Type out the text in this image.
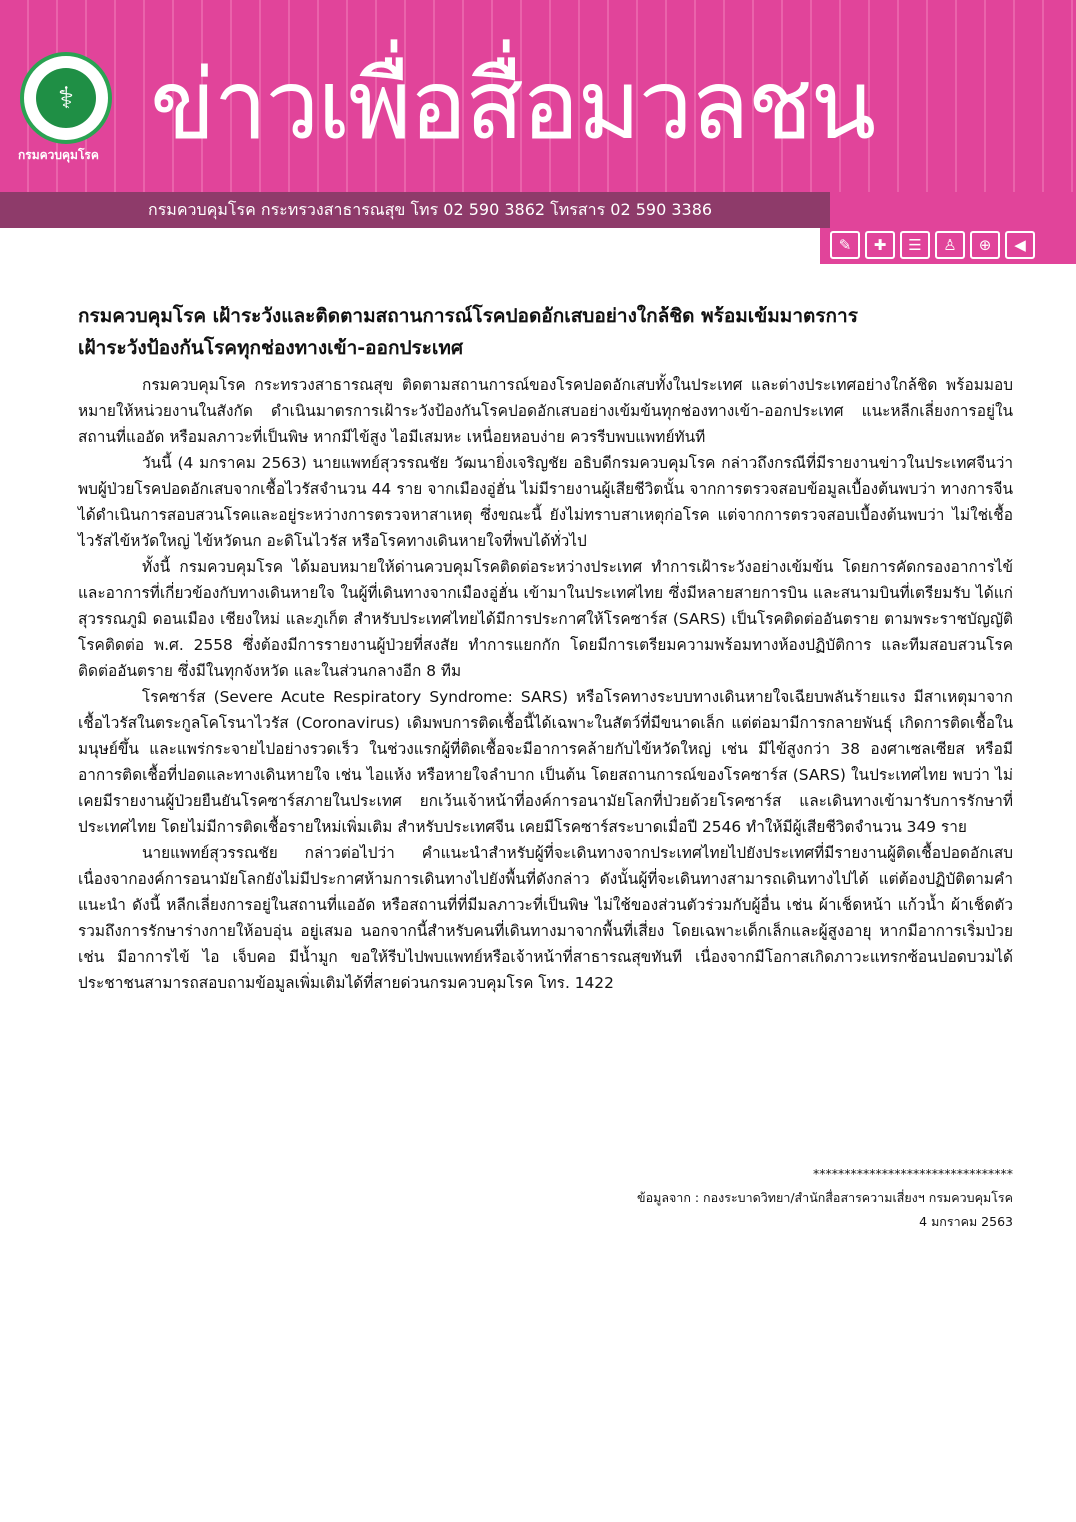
⚕
กรมควบคุมโรค ข่าวเพื่อสื่อมวลชน
กรมควบคุมโรค กระทรวงสาธารณสุข โทร 02 590 3862 โทรสาร 02 590 3386
✎	✚	☰	♙	⊕	◀
กรมควบคุมโรค เฝ้าระวังและติดตามสถานการณ์โรคปอดอักเสบอย่างใกล้ชิด พร้อมเข้มมาตรการ
เฝ้าระวังป้องกันโรคทุกช่องทางเข้า-ออกประเทศ

กรมควบคุมโรค กระทรวงสาธารณสุข ติดตามสถานการณ์ของโรคปอดอักเสบทั้งในประเทศ และต่างประเทศอย่างใกล้ชิด พร้อมมอบหมายให้หน่วยงานในสังกัด ดำเนินมาตรการเฝ้าระวังป้องกันโรคปอดอักเสบอย่างเข้มข้นทุกช่องทางเข้า-ออกประเทศ แนะหลีกเลี่ยงการอยู่ในสถานที่แออัด หรือมลภาวะที่เป็นพิษ หากมีไข้สูง ไอมีเสมหะ เหนื่อยหอบง่าย ควรรีบพบแพทย์ทันที

วันนี้ (4 มกราคม 2563) นายแพทย์สุวรรณชัย วัฒนายิ่งเจริญชัย อธิบดีกรมควบคุมโรค กล่าวถึงกรณีที่มีรายงานข่าวในประเทศจีนว่า พบผู้ป่วยโรคปอดอักเสบจากเชื้อไวรัสจำนวน 44 ราย จากเมืองอู่ฮั่น ไม่มีรายงานผู้เสียชีวิตนั้น จากการตรวจสอบข้อมูลเบื้องต้นพบว่า ทางการจีนได้ดำเนินการสอบสวนโรคและอยู่ระหว่างการตรวจหาสาเหตุ ซึ่งขณะนี้ ยังไม่ทราบสาเหตุก่อโรค แต่จากการตรวจสอบเบื้องต้นพบว่า ไม่ใช่เชื้อไวรัสไข้หวัดใหญ่ ไข้หวัดนก อะดิโนไวรัส หรือโรคทางเดินหายใจที่พบได้ทั่วไป

ทั้งนี้ กรมควบคุมโรค ได้มอบหมายให้ด่านควบคุมโรคติดต่อระหว่างประเทศ ทำการเฝ้าระวังอย่างเข้มข้น โดยการคัดกรองอาการไข้ และอาการที่เกี่ยวข้องกับทางเดินหายใจ ในผู้ที่เดินทางจากเมืองอู่ฮั่น เข้ามาในประเทศไทย ซึ่งมีหลายสายการบิน และสนามบินที่เตรียมรับ ได้แก่ สุวรรณภูมิ ดอนเมือง เชียงใหม่ และภูเก็ต สำหรับประเทศไทยได้มีการประกาศให้โรคซาร์ส (SARS) เป็นโรคติดต่ออันตราย ตามพระราชบัญญัติโรคติดต่อ พ.ศ. 2558 ซึ่งต้องมีการรายงานผู้ป่วยที่สงสัย ทำการแยกกัก โดยมีการเตรียมความพร้อมทางห้องปฏิบัติการ และทีมสอบสวนโรคติดต่ออันตราย ซึ่งมีในทุกจังหวัด และในส่วนกลางอีก 8 ทีม

โรคซาร์ส (Severe Acute Respiratory Syndrome: SARS) หรือโรคทางระบบทางเดินหายใจเฉียบพลันร้ายแรง มีสาเหตุมาจากเชื้อไวรัสในตระกูลโคโรนาไวรัส (Coronavirus) เดิมพบการติดเชื้อนี้ได้เฉพาะในสัตว์ที่มีขนาดเล็ก แต่ต่อมามีการกลายพันธุ์ เกิดการติดเชื้อในมนุษย์ขึ้น และแพร่กระจายไปอย่างรวดเร็ว ในช่วงแรกผู้ที่ติดเชื้อจะมีอาการคล้ายกับไข้หวัดใหญ่ เช่น มีไข้สูงกว่า 38 องศาเซลเซียส หรือมีอาการติดเชื้อที่ปอดและทางเดินหายใจ เช่น ไอแห้ง หรือหายใจลำบาก เป็นต้น โดยสถานการณ์ของโรคซาร์ส (SARS) ในประเทศไทย พบว่า ไม่เคยมีรายงานผู้ป่วยยืนยันโรคซาร์สภายในประเทศ ยกเว้นเจ้าหน้าที่องค์การอนามัยโลกที่ป่วยด้วยโรคซาร์ส และเดินทางเข้ามารับการรักษาที่ประเทศไทย โดยไม่มีการติดเชื้อรายใหม่เพิ่มเติม สำหรับประเทศจีน เคยมีโรคซาร์สระบาดเมื่อปี 2546 ทำให้มีผู้เสียชีวิตจำนวน 349 ราย

นายแพทย์สุวรรณชัย กล่าวต่อไปว่า คำแนะนำสำหรับผู้ที่จะเดินทางจากประเทศไทยไปยังประเทศที่มีรายงานผู้ติดเชื้อปอดอักเสบ เนื่องจากองค์การอนามัยโลกยังไม่มีประกาศห้ามการเดินทางไปยังพื้นที่ดังกล่าว ดังนั้นผู้ที่จะเดินทางสามารถเดินทางไปได้ แต่ต้องปฏิบัติตามคำแนะนำ ดังนี้ หลีกเลี่ยงการอยู่ในสถานที่แออัด หรือสถานที่ที่มีมลภาวะที่เป็นพิษ ไม่ใช้ของส่วนตัวร่วมกับผู้อื่น เช่น ผ้าเช็ดหน้า แก้วน้ำ ผ้าเช็ดตัว รวมถึงการรักษาร่างกายให้อบอุ่น อยู่เสมอ นอกจากนี้สำหรับคนที่เดินทางมาจากพื้นที่เสี่ยง โดยเฉพาะเด็กเล็กและผู้สูงอายุ หากมีอาการเริ่มป่วย เช่น มีอาการไข้ ไอ เจ็บคอ มีน้ำมูก ขอให้รีบไปพบแพทย์หรือเจ้าหน้าที่สาธารณสุขทันที เนื่องจากมีโอกาสเกิดภาวะแทรกซ้อนปอดบวมได้ ประชาชนสามารถสอบถามข้อมูลเพิ่มเติมได้ที่สายด่วนกรมควบคุมโรค โทร. 1422

********************************
ข้อมูลจาก : กองระบาดวิทยา/สำนักสื่อสารความเสี่ยงฯ กรมควบคุมโรค
4 มกราคม 2563
